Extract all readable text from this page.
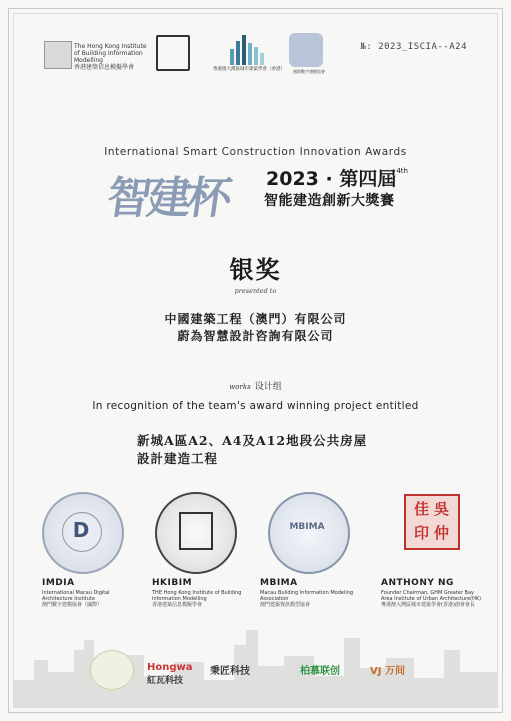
The Hong Kong Institute of Building Information Modelling
香港建築信息模擬學會	粵港澳大灣區城市建築學會（香港）	國際數字建模協會
№: 2023_ISCIA--A24
International Smart Construction Innovation Awards
智建杯 2023 · 第四屆$^{4th}$
智能建造創新大獎賽
银奖
presented to
中國建築工程（澳門）有限公司
蔚為智慧設計咨詢有限公司
works 设计组
In recognition of the team's award winning project entitled
新城A區A2、A4及A12地段公共房屋
設計建造工程
D	MBIMA
吳
佳
仲
印
IMDIA
International Macau Digital
Architecture Institute
澳門數字建模協會（國際）
HKIBIM
THE Hong Kong Institute of Building
Information Modelling
香港建築信息模擬學會
MBIMA
Macau Building Information Modeling Association
澳門建築資訊模型協會
ANTHONY NG
Founder Chairman, GHM Greater Bay
Area Institute of Urban Architecture(HK)
粵港澳大灣區城市建築學會(香港)創會會長
Hongwa
紅瓦科技
秉匠科技	柏慕联创	VJ 万间
